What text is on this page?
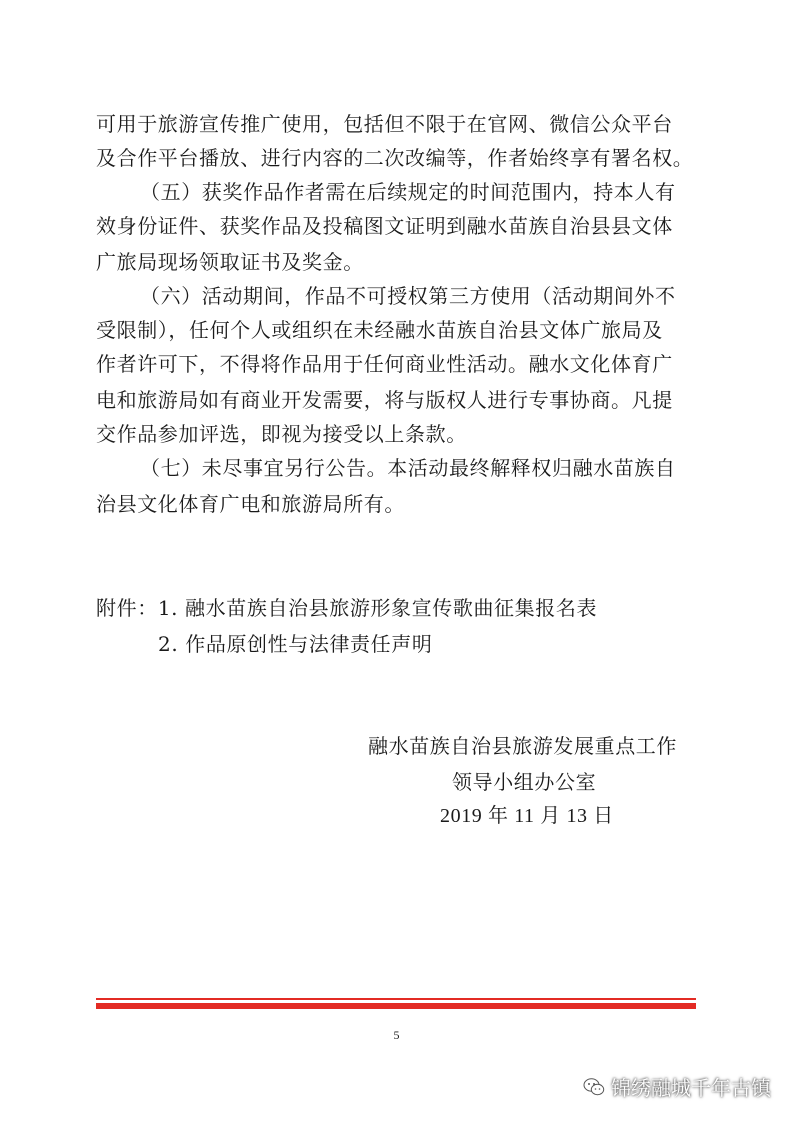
可用于旅游宣传推广使用，包括但不限于在官网、微信公众平台
及合作平台播放、进行内容的二次改编等，作者始终享有署名权。
（五）获奖作品作者需在后续规定的时间范围内，持本人有
效身份证件、获奖作品及投稿图文证明到融水苗族自治县县文体
广旅局现场领取证书及奖金。
（六）活动期间，作品不可授权第三方使用（活动期间外不
受限制），任何个人或组织在未经融水苗族自治县文体广旅局及
作者许可下，不得将作品用于任何商业性活动。融水文化体育广
电和旅游局如有商业开发需要，将与版权人进行专事协商。凡提
交作品参加评选，即视为接受以上条款。
（七）未尽事宜另行公告。本活动最终解释权归融水苗族自
治县文化体育广电和旅游局所有。
附件：1. 融水苗族自治县旅游形象宣传歌曲征集报名表
2. 作品原创性与法律责任声明
融水苗族自治县旅游发展重点工作
领导小组办公室
2019 年 11 月 13 日
5
锦绣融城千年古镇
